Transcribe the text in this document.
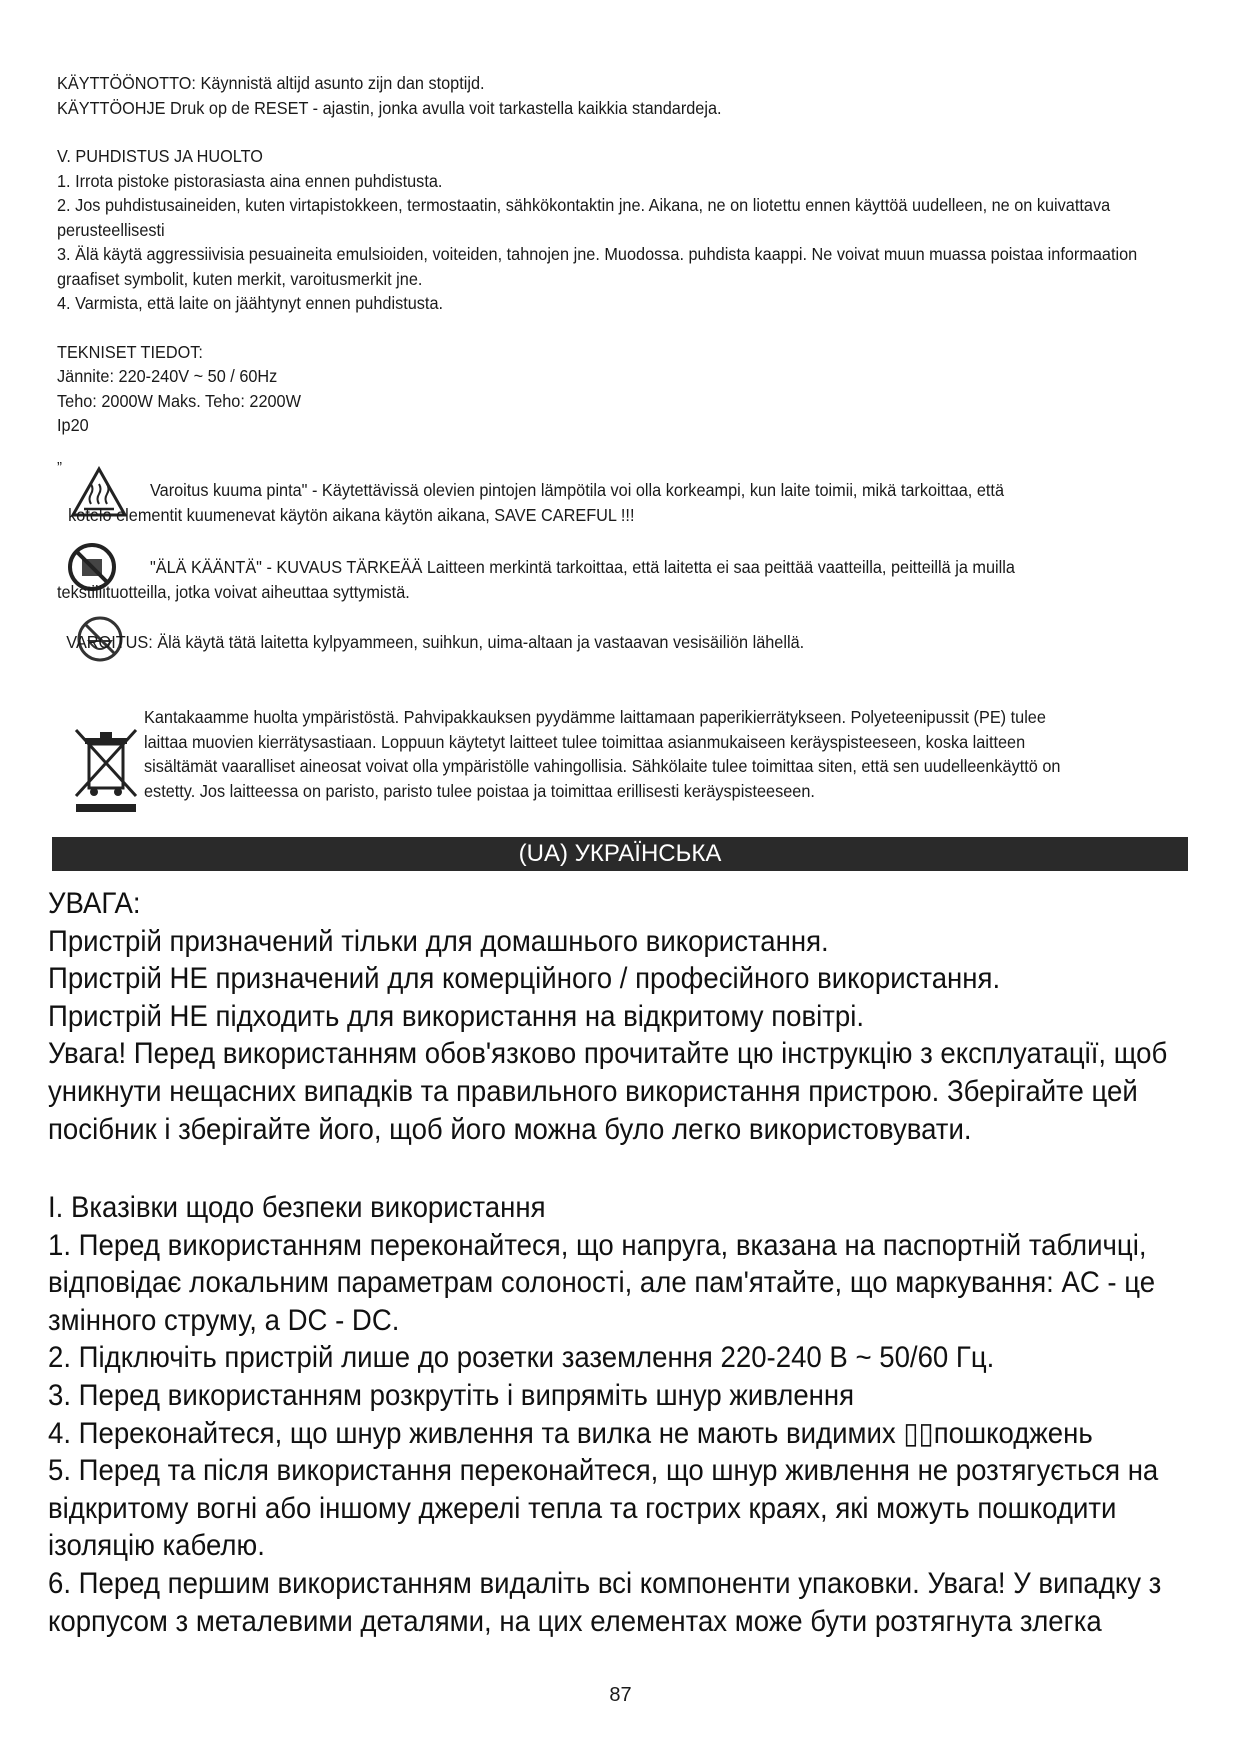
KÄYTTÖÖNOTTO: Käynnistä altijd asunto zijn dan stoptijd.

KÄYTTÖOHJE Druk op de RESET - ajastin, jonka avulla voit tarkastella kaikkia standardeja.

V. PUHDISTUS JA HUOLTO

1. Irrota pistoke pistorasiasta aina ennen puhdistusta.

2. Jos puhdistusaineiden, kuten virtapistokkeen, termostaatin, sähkökontaktin jne. Aikana, ne on liotettu ennen käyttöä uudelleen, ne on kuivattava perusteellisesti

3. Älä käytä aggressiivisia pesuaineita emulsioiden, voiteiden, tahnojen jne. Muodossa. puhdista kaappi. Ne voivat muun muassa poistaa informaation graafiset symbolit, kuten merkit, varoitusmerkit jne.

4. Varmista, että laite on jäähtynyt ennen puhdistusta.

TEKNISET TIEDOT:

Jännite: 220-240V ~ 50 / 60Hz

Teho: 2000W Maks. Teho: 2200W

Ip20

”
Varoitus kuuma pinta" - Käytettävissä olevien pintojen lämpötila voi olla korkeampi, kun laite toimii, mikä tarkoittaa, että
kotelo elementit kuumenevat käytön aikana käytön aikana, SAVE CAREFUL !!!
"ÄLÄ KÄÄNTÄ" - KUVAUS TÄRKEÄÄ Laitteen merkintä tarkoittaa, että laitetta ei saa peittää vaatteilla, peitteillä ja muilla
tekstiilituotteilla, jotka voivat aiheuttaa syttymistä.
VAROITUS: Älä käytä tätä laitetta kylpyammeen, suihkun, uima-altaan ja vastaavan vesisäiliön lähellä.
Kantakaamme huolta ympäristöstä. Pahvipakkauksen pyydämme laittamaan paperikierrätykseen. Polyeteenipussit (PE) tulee
laittaa muovien kierrätysastiaan. Loppuun käytetyt laitteet tulee toimittaa asianmukaiseen keräyspisteeseen, koska laitteen
sisältämät vaaralliset aineosat voivat olla ympäristölle vahingollisia. Sähkölaite tulee toimittaa siten, että sen uudelleenkäyttö on
estetty. Jos laitteessa on paristo, paristo tulee poistaa ja toimittaa erillisesti keräyspisteeseen.
(UA) УКРАЇНСЬКА

УВАГА:

Пристрій призначений тільки для домашнього використання.

Пристрій НЕ призначений для комерційного / професійного використання.

Пристрій НЕ підходить для використання на відкритому повітрі.

Увага! Перед використанням обов'язково прочитайте цю інструкцію з експлуатації, щоб уникнути нещасних випадків та правильного використання пристрою. Зберігайте цей посібник і зберігайте його, щоб його можна було легко використовувати.

I. Вказівки щодо безпеки використання

1. Перед використанням переконайтеся, що напруга, вказана на паспортній табличці, відповідає локальним параметрам солоності, але пам'ятайте, що маркування: AC - це змінного струму, а DC - DC.

2. Підключіть пристрій лише до розетки заземлення 220-240 В ~ 50/60 Гц.

3. Перед використанням розкрутіть і випряміть шнур живлення

4. Переконайтеся, що шнур живлення та вилка не мають видимих ▯▯пошкоджень

5. Перед та після використання переконайтеся, що шнур живлення не розтягується на відкритому вогні або іншому джерелі тепла та гострих краях, які можуть пошкодити ізоляцію кабелю.

6. Перед першим використанням видаліть всі компоненти упаковки. Увага! У випадку з корпусом з металевими деталями, на цих елементах може бути розтягнута злегка

87
